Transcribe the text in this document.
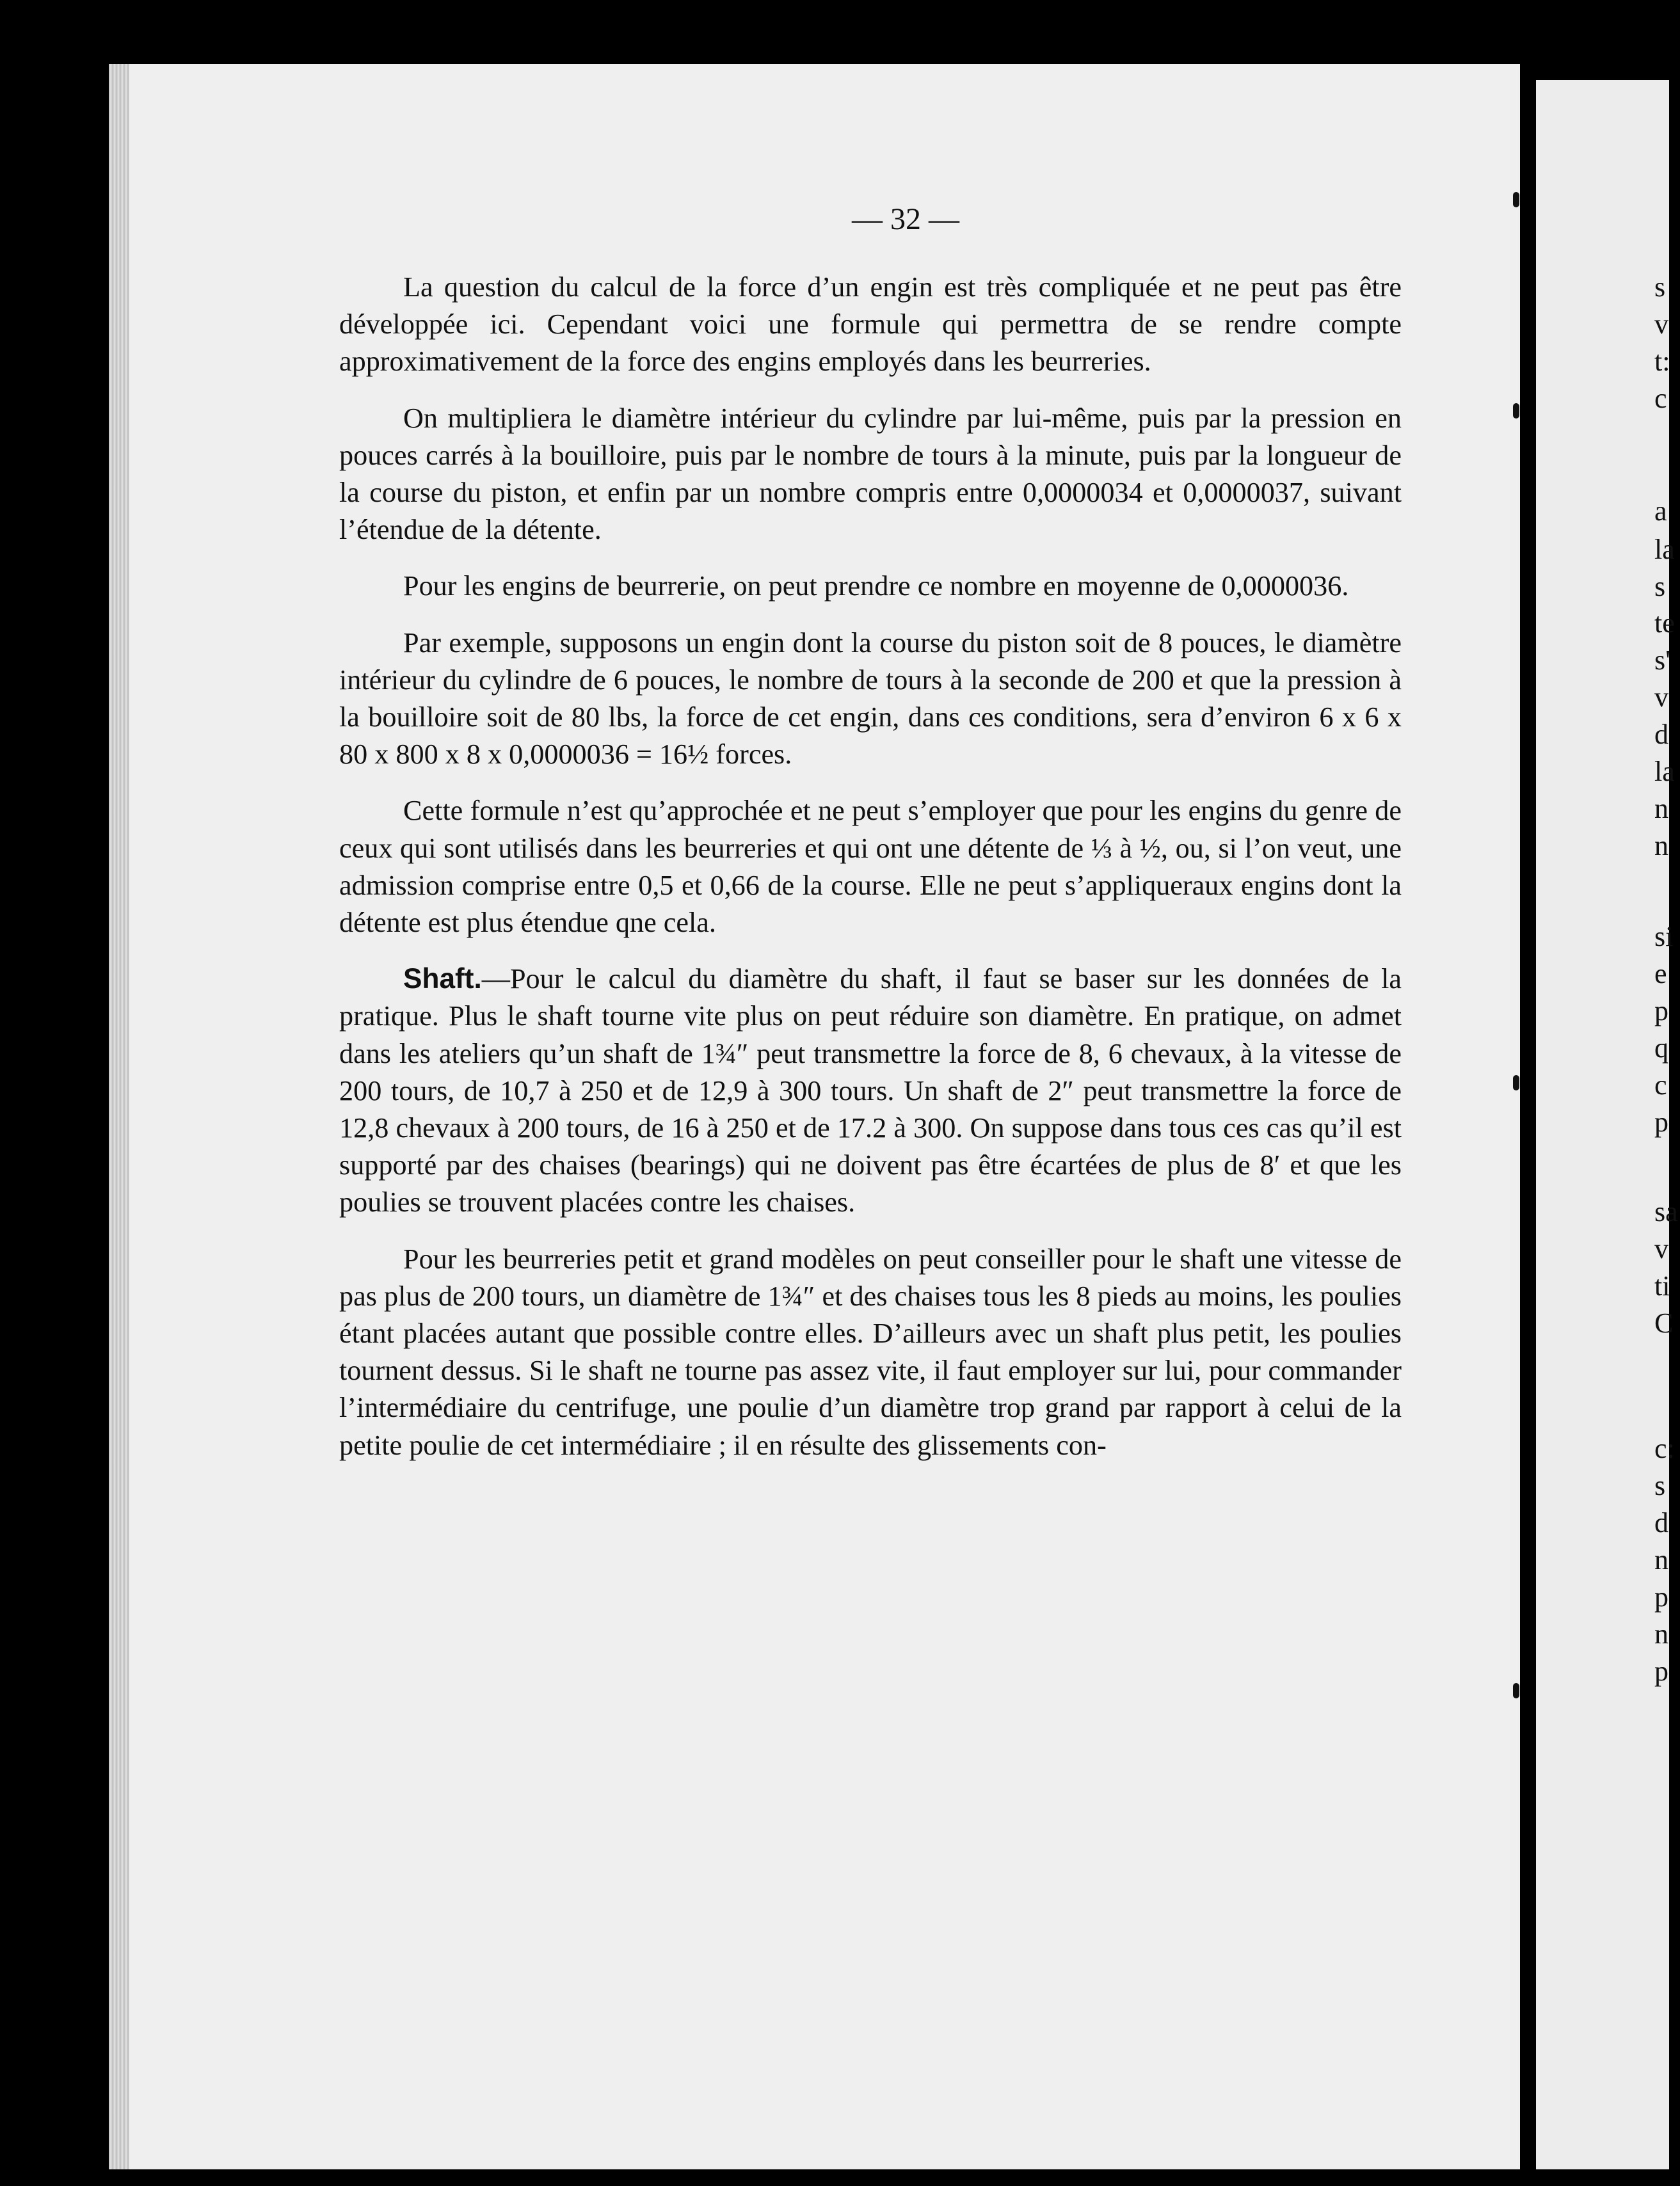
— 32 —

La question du calcul de la force d’un engin est très compliquée et ne peut pas être développée ici. Cependant voici une formule qui permettra de se rendre compte approximativement de la force des engins employés dans les beurreries.

On multipliera le diamètre intérieur du cylindre par lui-même, puis par la pression en pouces carrés à la bouilloire, puis par le nombre de tours à la minute, puis par la longueur de la course du piston, et enfin par un nombre compris entre 0,0000034 et 0,0000037, suivant l’étendue de la détente.

Pour les engins de beurrerie, on peut prendre ce nombre en moyenne de 0,0000036.

Par exemple, supposons un engin dont la course du piston soit de 8 pouces, le diamètre intérieur du cylindre de 6 pouces, le nombre de tours à la seconde de 200 et que la pression à la bouilloire soit de 80 lbs, la force de cet engin, dans ces conditions, sera d’environ 6 x 6 x 80 x 800 x 8 x 0,0000036 = 16½ forces.

Cette formule n’est qu’approchée et ne peut s’employer que pour les engins du genre de ceux qui sont utilisés dans les beurreries et qui ont une détente de ⅓ à ½, ou, si l’on veut, une admission comprise entre 0,5 et 0,66 de la course. Elle ne peut s’appliqueraux engins dont la détente est plus étendue qne cela.

Shaft.—Pour le calcul du diamètre du shaft, il faut se baser sur les données de la pratique. Plus le shaft tourne vite plus on peut réduire son diamètre. En pratique, on admet dans les ateliers qu’un shaft de 1¾″ peut transmettre la force de 8, 6 chevaux, à la vitesse de 200 tours, de 10,7 à 250 et de 12,9 à 300 tours. Un shaft de 2″ peut transmettre la force de 12,8 chevaux à 200 tours, de 16 à 250 et de 17.2 à 300. On suppose dans tous ces cas qu’il est supporté par des chaises (bearings) qui ne doivent pas être écartées de plus de 8′ et que les poulies se trouvent placées contre les chaises.

Pour les beurreries petit et grand modèles on peut conseiller pour le shaft une vitesse de pas plus de 200 tours, un diamètre de 1¾″ et des chaises tous les 8 pieds au moins, les poulies étant placées autant que possible contre elles. D’ailleurs avec un shaft plus petit, les poulies tournent dessus. Si le shaft ne tourne pas assez vite, il faut employer sur lui, pour commander l’intermédiaire du centrifuge, une poulie d’un diamètre trop grand par rapport à celui de la petite poulie de cet intermédiaire ; il en résulte des glissements con-

s
v
t:
c
a
la
s
te
s'
v
d
la
n
n
si
e
p
q
c
p
sa
v
ti
C
c:
s
d
n
p
n
p
